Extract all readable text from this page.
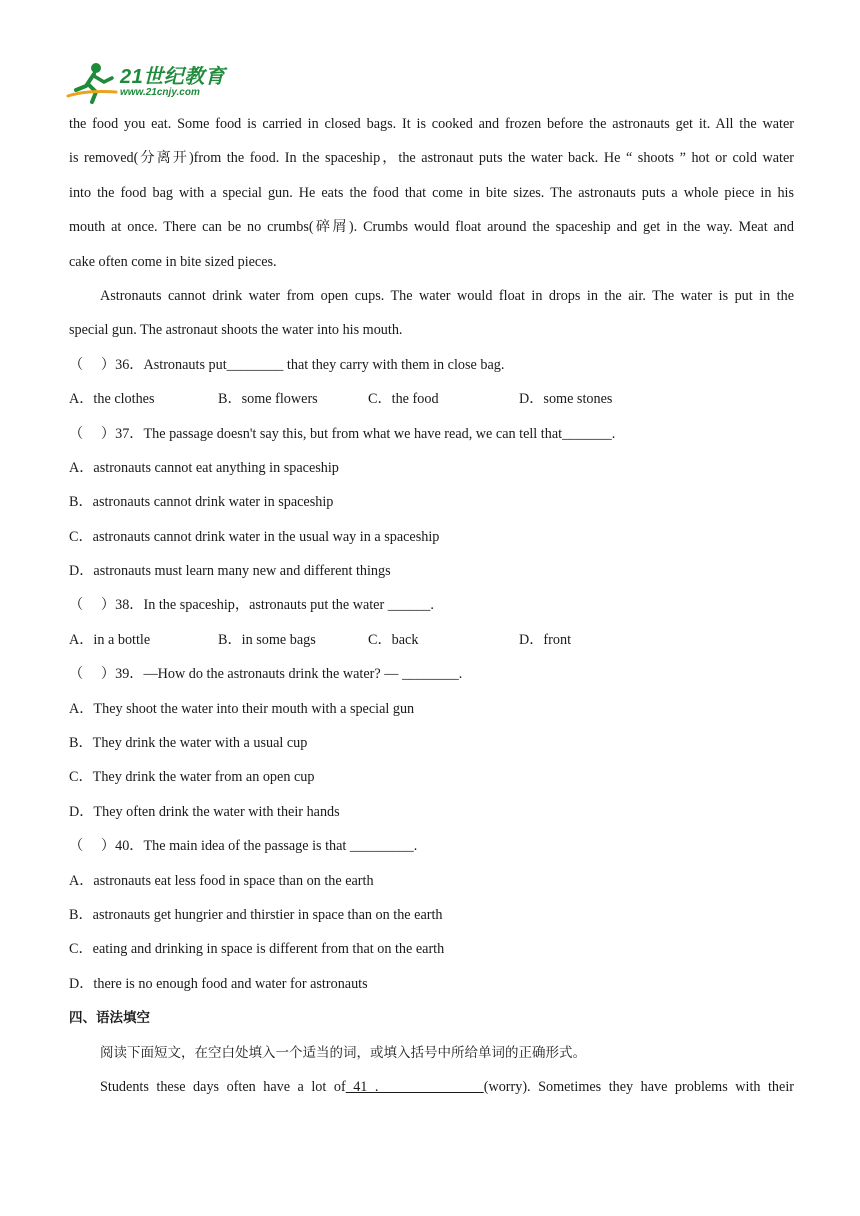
21世纪教育
www.21cnjy.com
the food you eat. Some food is carried in closed bags. It is cooked and frozen before the astronauts get it. All the water
is removed(分离开)from the food. In the spaceship，the astronaut puts the water back. He “ shoots ” hot or cold water
into the food bag with a special gun. He eats the food that come in bite sizes. The astronauts puts a whole piece in his
mouth at once. There can be no crumbs(碎屑). Crumbs would float around the spaceship and get in the way. Meat and
cake often come in bite sized pieces.
Astronauts cannot drink water from open cups. The water would float in drops in the air. The water is put in the
special gun. The astronaut shoots the water into his mouth.
（　 ）36．Astronauts put________ that they carry with them in close bag.
A．the clothes	B．some flowers	C．the food	D．some stones
（　 ）37．The passage doesn't say this, but from what we have read, we can tell that_______.
A．astronauts cannot eat anything in spaceship
B．astronauts cannot drink water in spaceship
C．astronauts cannot drink water in the usual way in a spaceship
D．astronauts must learn many new and different things
（　 ）38．In the spaceship，astronauts put the water ______.
A．in a bottle	B．in some bags	C．back	D．front
（　 ）39．—How do the astronauts drink the water? — ________.
A．They shoot the water into their mouth with a special gun
B．They drink the water with a usual cup
C．They drink the water from an open cup
D．They often drink the water with their hands
（　 ）40．The main idea of the passage is that _________.
A．astronauts eat less food in space than on the earth
B．astronauts get hungrier and thirstier in space than on the earth
C．eating and drinking in space is different from that on the earth
D．there is no enough food and water for astronauts
四、语法填空
阅读下面短文，在空白处填入一个适当的词，或填入括号中所给单词的正确形式。
Students these days often have a lot of 41 .              (worry). Sometimes they have problems with their
